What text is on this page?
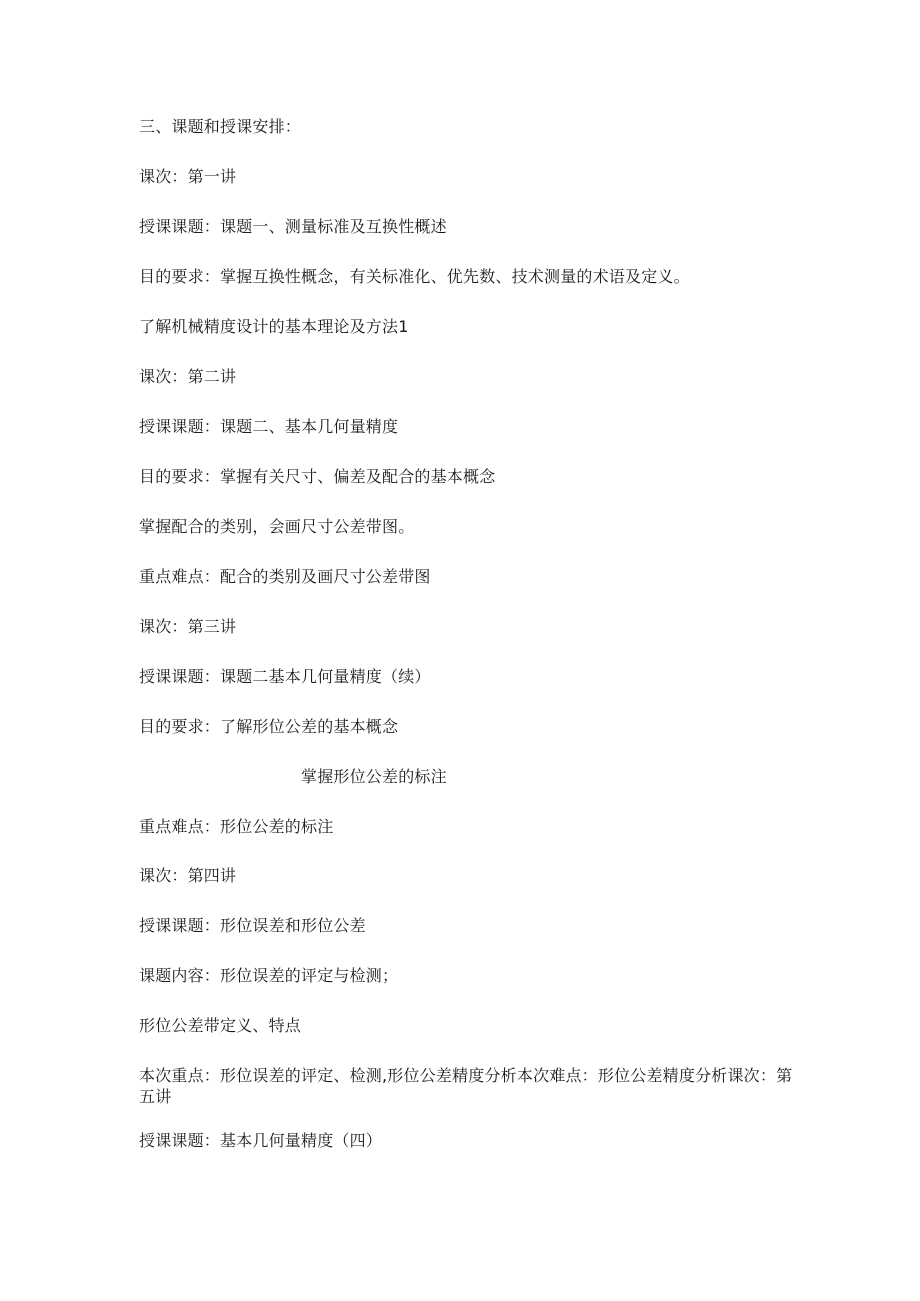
三、课题和授课安排：

课次：第一讲

授课课题：课题一、测量标准及互换性概述

目的要求：掌握互换性概念，有关标准化、优先数、技术测量的术语及定义。

了解机械精度设计的基本理论及方法1

课次：第二讲

授课课题：课题二、基本几何量精度

目的要求：掌握有关尺寸、偏差及配合的基本概念

掌握配合的类别，会画尺寸公差带图。

重点难点：配合的类别及画尺寸公差带图

课次：第三讲

授课课题：课题二基本几何量精度（续）

目的要求：了解形位公差的基本概念

掌握形位公差的标注

重点难点：形位公差的标注

课次：第四讲

授课课题：形位误差和形位公差

课题内容：形位误差的评定与检测；

形位公差带定义、特点

本次重点：形位误差的评定、检测,形位公差精度分析本次难点：形位公差精度分析课次：第五讲

授课课题：基本几何量精度（四）
